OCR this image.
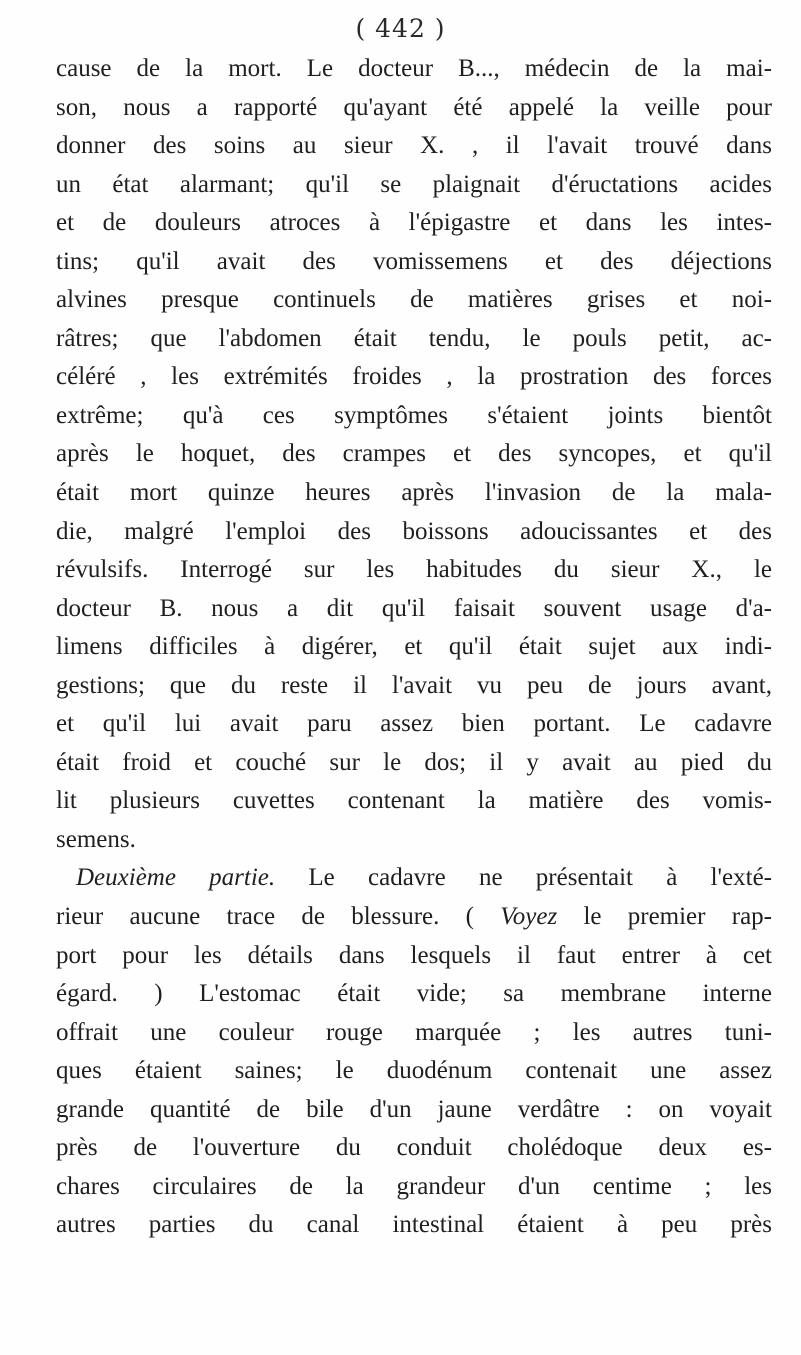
( 442 )
cause de la mort. Le docteur B..., médecin de la mai-
son, nous a rapporté qu'ayant été appelé la veille pour
donner des soins au sieur X. , il l'avait trouvé dans
un état alarmant; qu'il se plaignait d'éructations acides
et de douleurs atroces à l'épigastre et dans les intes-
tins; qu'il avait des vomissemens et des déjections
alvines presque continuels de matières grises et noi-
râtres; que l'abdomen était tendu, le pouls petit, ac-
céléré , les extrémités froides , la prostration des forces
extrême; qu'à ces symptômes s'étaient joints bientôt
après le hoquet, des crampes et des syncopes, et qu'il
était mort quinze heures après l'invasion de la mala-
die, malgré l'emploi des boissons adoucissantes et des
révulsifs. Interrogé sur les habitudes du sieur X., le
docteur B. nous a dit qu'il faisait souvent usage d'a-
limens difficiles à digérer, et qu'il était sujet aux indi-
gestions; que du reste il l'avait vu peu de jours avant,
et qu'il lui avait paru assez bien portant. Le cadavre
était froid et couché sur le dos; il y avait au pied du
lit plusieurs cuvettes contenant la matière des vomis-
semens.
Deuxième partie. Le cadavre ne présentait à l'exté-
rieur aucune trace de blessure. ( Voyez le premier rap-
port pour les détails dans lesquels il faut entrer à cet
égard. ) L'estomac était vide; sa membrane interne
offrait une couleur rouge marquée ; les autres tuni-
ques étaient saines; le duodénum contenait une assez
grande quantité de bile d'un jaune verdâtre : on voyait
près de l'ouverture du conduit cholédoque deux es-
chares circulaires de la grandeur d'un centime ; les
autres parties du canal intestinal étaient à peu près
